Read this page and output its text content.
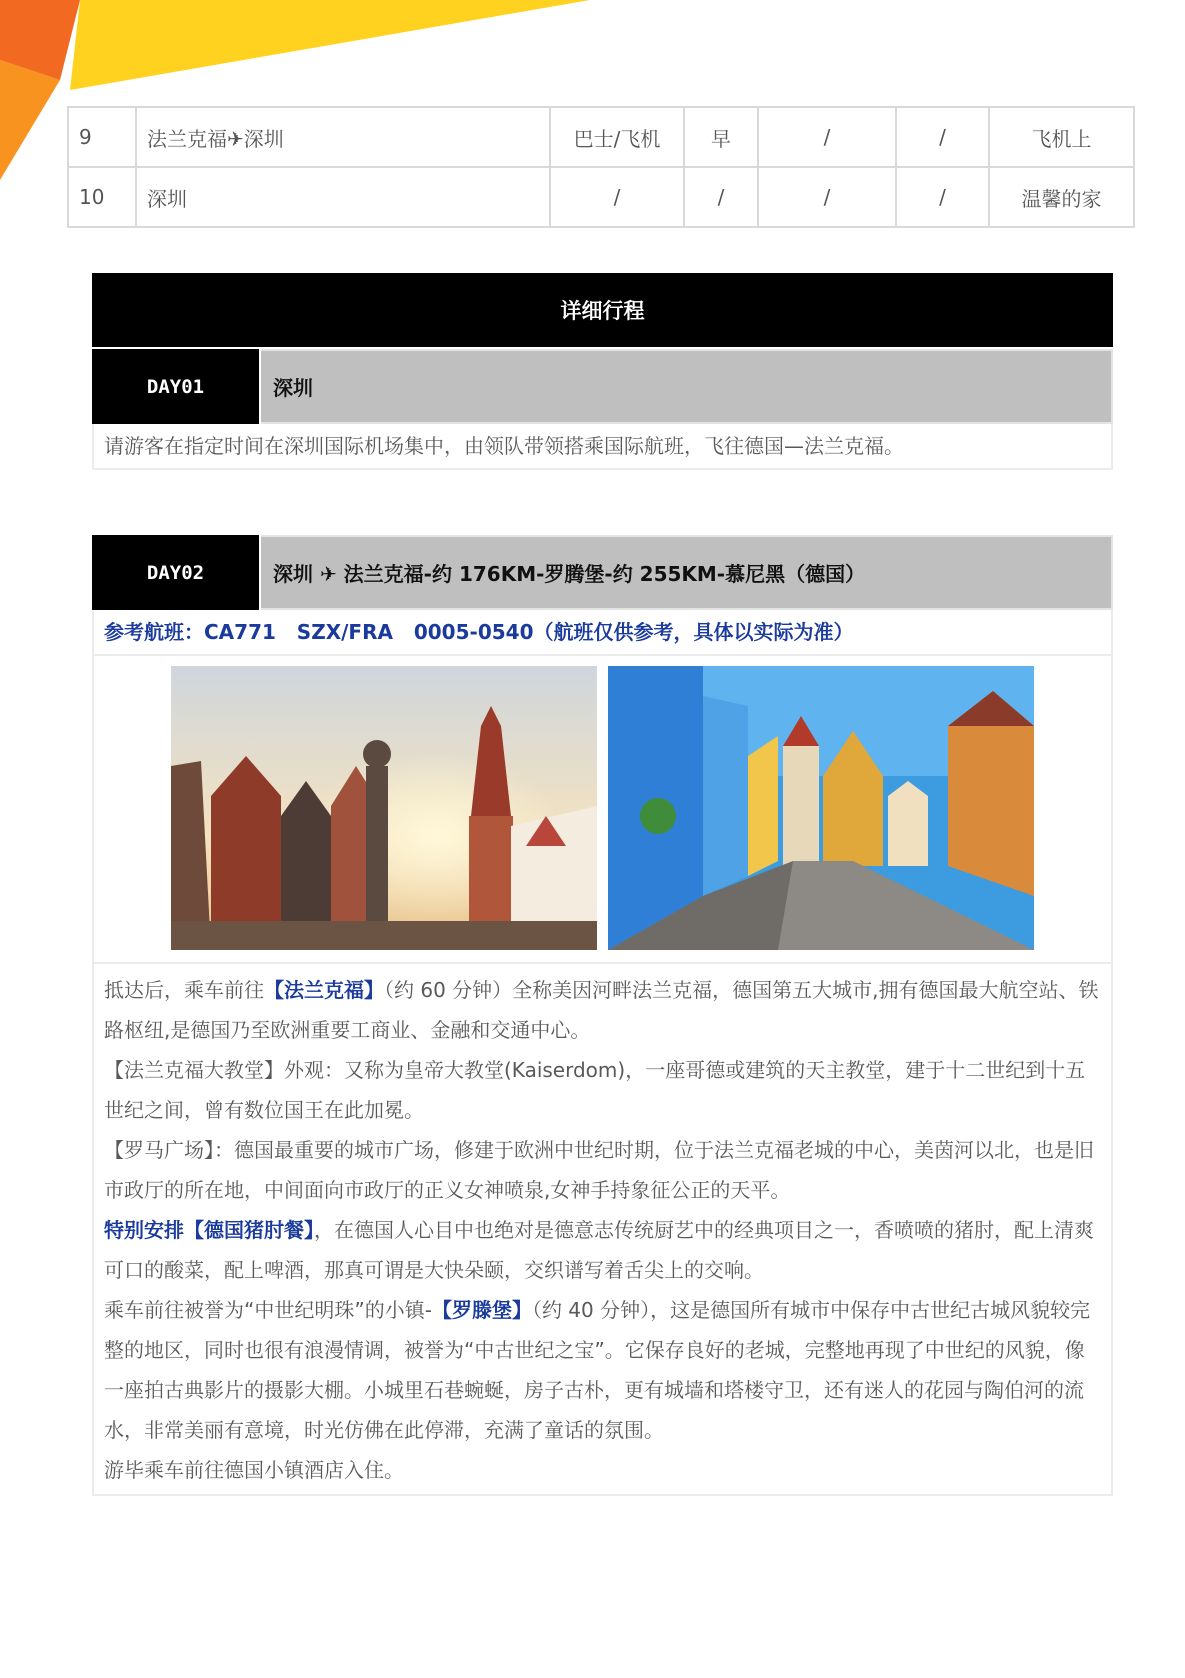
9	法兰克福✈深圳	巴士/飞机	早	/	/	飞机上
10	深圳	/	/	/	/	温馨的家
详细行程
DAY01	深圳
请游客在指定时间在深圳国际机场集中，由领队带领搭乘国际航班，飞往德国—法兰克福。
DAY02	深圳 ✈ 法兰克福-约 176KM-罗腾堡-约 255KM-慕尼黑（德国）
参考航班：CA771   SZX/FRA   0005-0540（航班仅供参考，具体以实际为准）
抵达后，乘车前往【法兰克福】（约 60 分钟）全称美因河畔法兰克福，德国第五大城市,拥有德国最大航空站、铁路枢纽,是德国乃至欧洲重要工商业、金融和交通中心。
【法兰克福大教堂】外观：又称为皇帝大教堂(Kaiserdom)，一座哥德或建筑的天主教堂，建于十二世纪到十五世纪之间，曾有数位国王在此加冕。
【罗马广场】：德国最重要的城市广场，修建于欧洲中世纪时期，位于法兰克福老城的中心，美茵河以北，也是旧市政厅的所在地，中间面向市政厅的正义女神喷泉,女神手持象征公正的天平。
特别安排【德国猪肘餐】，在德国人心目中也绝对是德意志传统厨艺中的经典项目之一，香喷喷的猪肘，配上清爽可口的酸菜，配上啤酒，那真可谓是大快朵颐，交织谱写着舌尖上的交响。
乘车前往被誉为“中世纪明珠”的小镇-【罗滕堡】（约 40 分钟），这是德国所有城市中保存中古世纪古城风貌较完整的地区，同时也很有浪漫情调，被誉为“中古世纪之宝”。它保存良好的老城，完整地再现了中世纪的风貌，像一座拍古典影片的摄影大棚。小城里石巷蜿蜒，房子古朴，更有城墙和塔楼守卫，还有迷人的花园与陶伯河的流水，非常美丽有意境，时光仿佛在此停滞，充满了童话的氛围。
游毕乘车前往德国小镇酒店入住。
